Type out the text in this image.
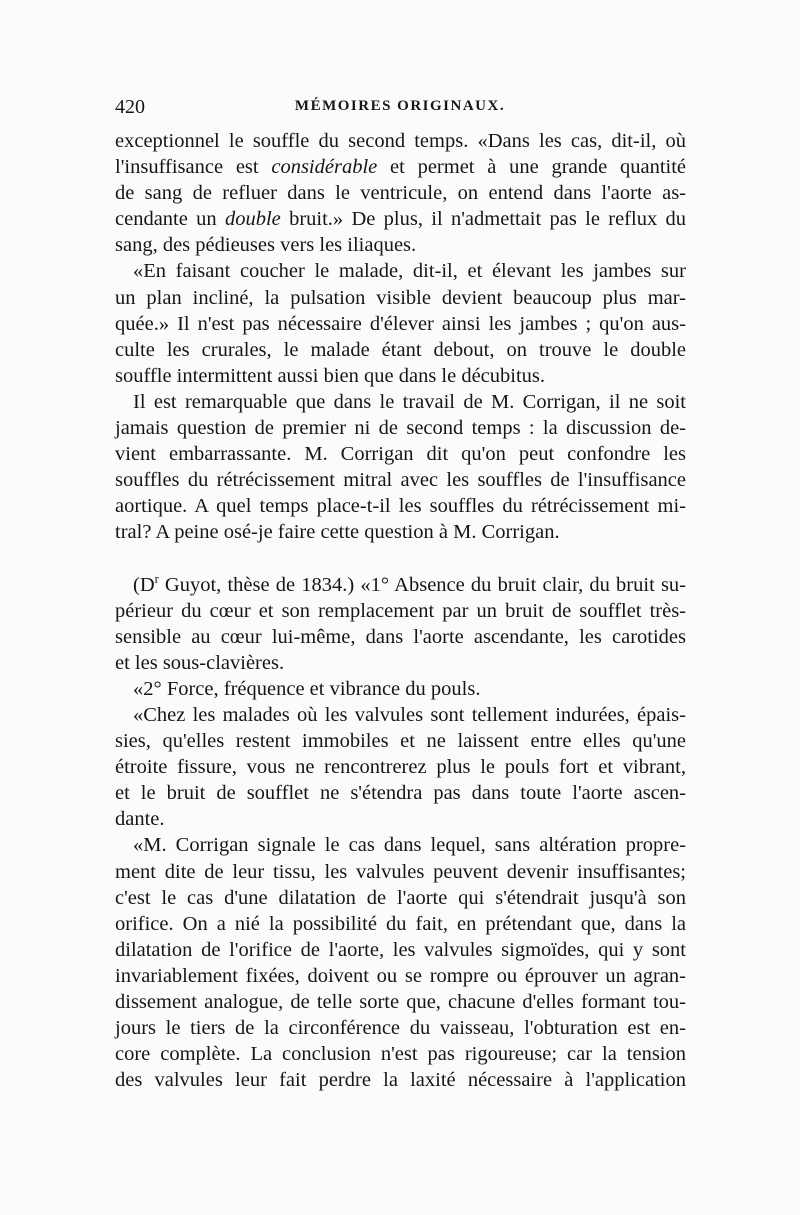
420	MÉMOIRES ORIGINAUX.
exceptionnel le souffle du second temps. «Dans les cas, dit-il, où
l'insuffisance est considérable et permet à une grande quantité
de sang de refluer dans le ventricule, on entend dans l'aorte as-
cendante un double bruit.» De plus, il n'admettait pas le reflux du
sang, des pédieuses vers les iliaques.
«En faisant coucher le malade, dit-il, et élevant les jambes sur
un plan incliné, la pulsation visible devient beaucoup plus mar-
quée.» Il n'est pas nécessaire d'élever ainsi les jambes ; qu'on aus-
culte les crurales, le malade étant debout, on trouve le double
souffle intermittent aussi bien que dans le décubitus.
Il est remarquable que dans le travail de M. Corrigan, il ne soit
jamais question de premier ni de second temps : la discussion de-
vient embarrassante. M. Corrigan dit qu'on peut confondre les
souffles du rétrécissement mitral avec les souffles de l'insuffisance
aortique. A quel temps place-t-il les souffles du rétrécissement mi-
tral? A peine osé-je faire cette question à M. Corrigan.
($D^r$ Guyot, thèse de 1834.) «1° Absence du bruit clair, du bruit su-
périeur du cœur et son remplacement par un bruit de soufflet très-
sensible au cœur lui-même, dans l'aorte ascendante, les carotides
et les sous-clavières.
«2° Force, fréquence et vibrance du pouls.
«Chez les malades où les valvules sont tellement indurées, épais-
sies, qu'elles restent immobiles et ne laissent entre elles qu'une
étroite fissure, vous ne rencontrerez plus le pouls fort et vibrant,
et le bruit de soufflet ne s'étendra pas dans toute l'aorte ascen-
dante.
«M. Corrigan signale le cas dans lequel, sans altération propre-
ment dite de leur tissu, les valvules peuvent devenir insuffisantes;
c'est le cas d'une dilatation de l'aorte qui s'étendrait jusqu'à son
orifice. On a nié la possibilité du fait, en prétendant que, dans la
dilatation de l'orifice de l'aorte, les valvules sigmoïdes, qui y sont
invariablement fixées, doivent ou se rompre ou éprouver un agran-
dissement analogue, de telle sorte que, chacune d'elles formant tou-
jours le tiers de la circonférence du vaisseau, l'obturation est en-
core complète. La conclusion n'est pas rigoureuse; car la tension
des valvules leur fait perdre la laxité nécessaire à l'application
